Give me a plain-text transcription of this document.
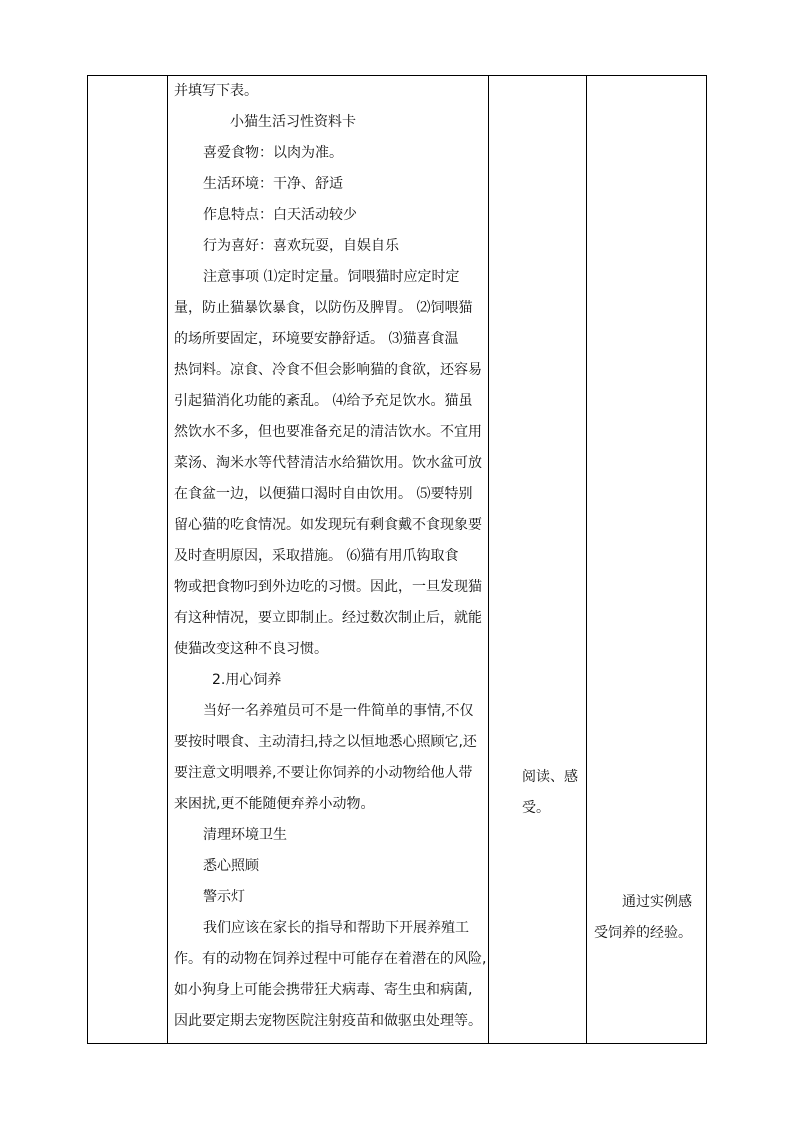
并填写下表。
小猫生活习性资料卡
喜爱食物：以肉为准。
生活环境：干净、舒适
作息特点：白天活动较少
行为喜好：喜欢玩耍，自娱自乐
注意事项 ⑴定时定量。饲喂猫时应定时定
量，防止猫暴饮暴食，以防伤及脾胃。 ⑵饲喂猫
的场所要固定，环境要安静舒适。 ⑶猫喜食温
热饲料。凉食、冷食不但会影响猫的食欲，还容易
引起猫消化功能的紊乱。 ⑷给予充足饮水。猫虽
然饮水不多，但也要准备充足的清洁饮水。不宜用
菜汤、淘米水等代替清洁水给猫饮用。饮水盆可放
在食盆一边，以便猫口渴时自由饮用。 ⑸要特别
留心猫的吃食情况。如发现玩有剩食戴不食现象要
及时查明原因，采取措施。 ⑹猫有用爪钩取食
物或把食物叼到外边吃的习惯。因此，一旦发现猫
有这种情况，要立即制止。经过数次制止后，就能
使猫改变这种不良习惯。
2.用心饲养
当好一名养殖员可不是一件简单的事情,不仅
要按时喂食、主动清扫,持之以恒地悉心照顾它,还
要注意文明喂养,不要让你饲养的小动物给他人带
来困扰,更不能随便弃养小动物。
清理环境卫生
悉心照顾
警示灯
我们应该在家长的指导和帮助下开展养殖工
作。有的动物在饲养过程中可能存在着潜在的风险,
如小狗身上可能会携带狂犬病毒、寄生虫和病菌,
因此要定期去宠物医院注射疫苗和做驱虫处理等。
阅读、感
受。
通过实例感
受饲养的经验。
